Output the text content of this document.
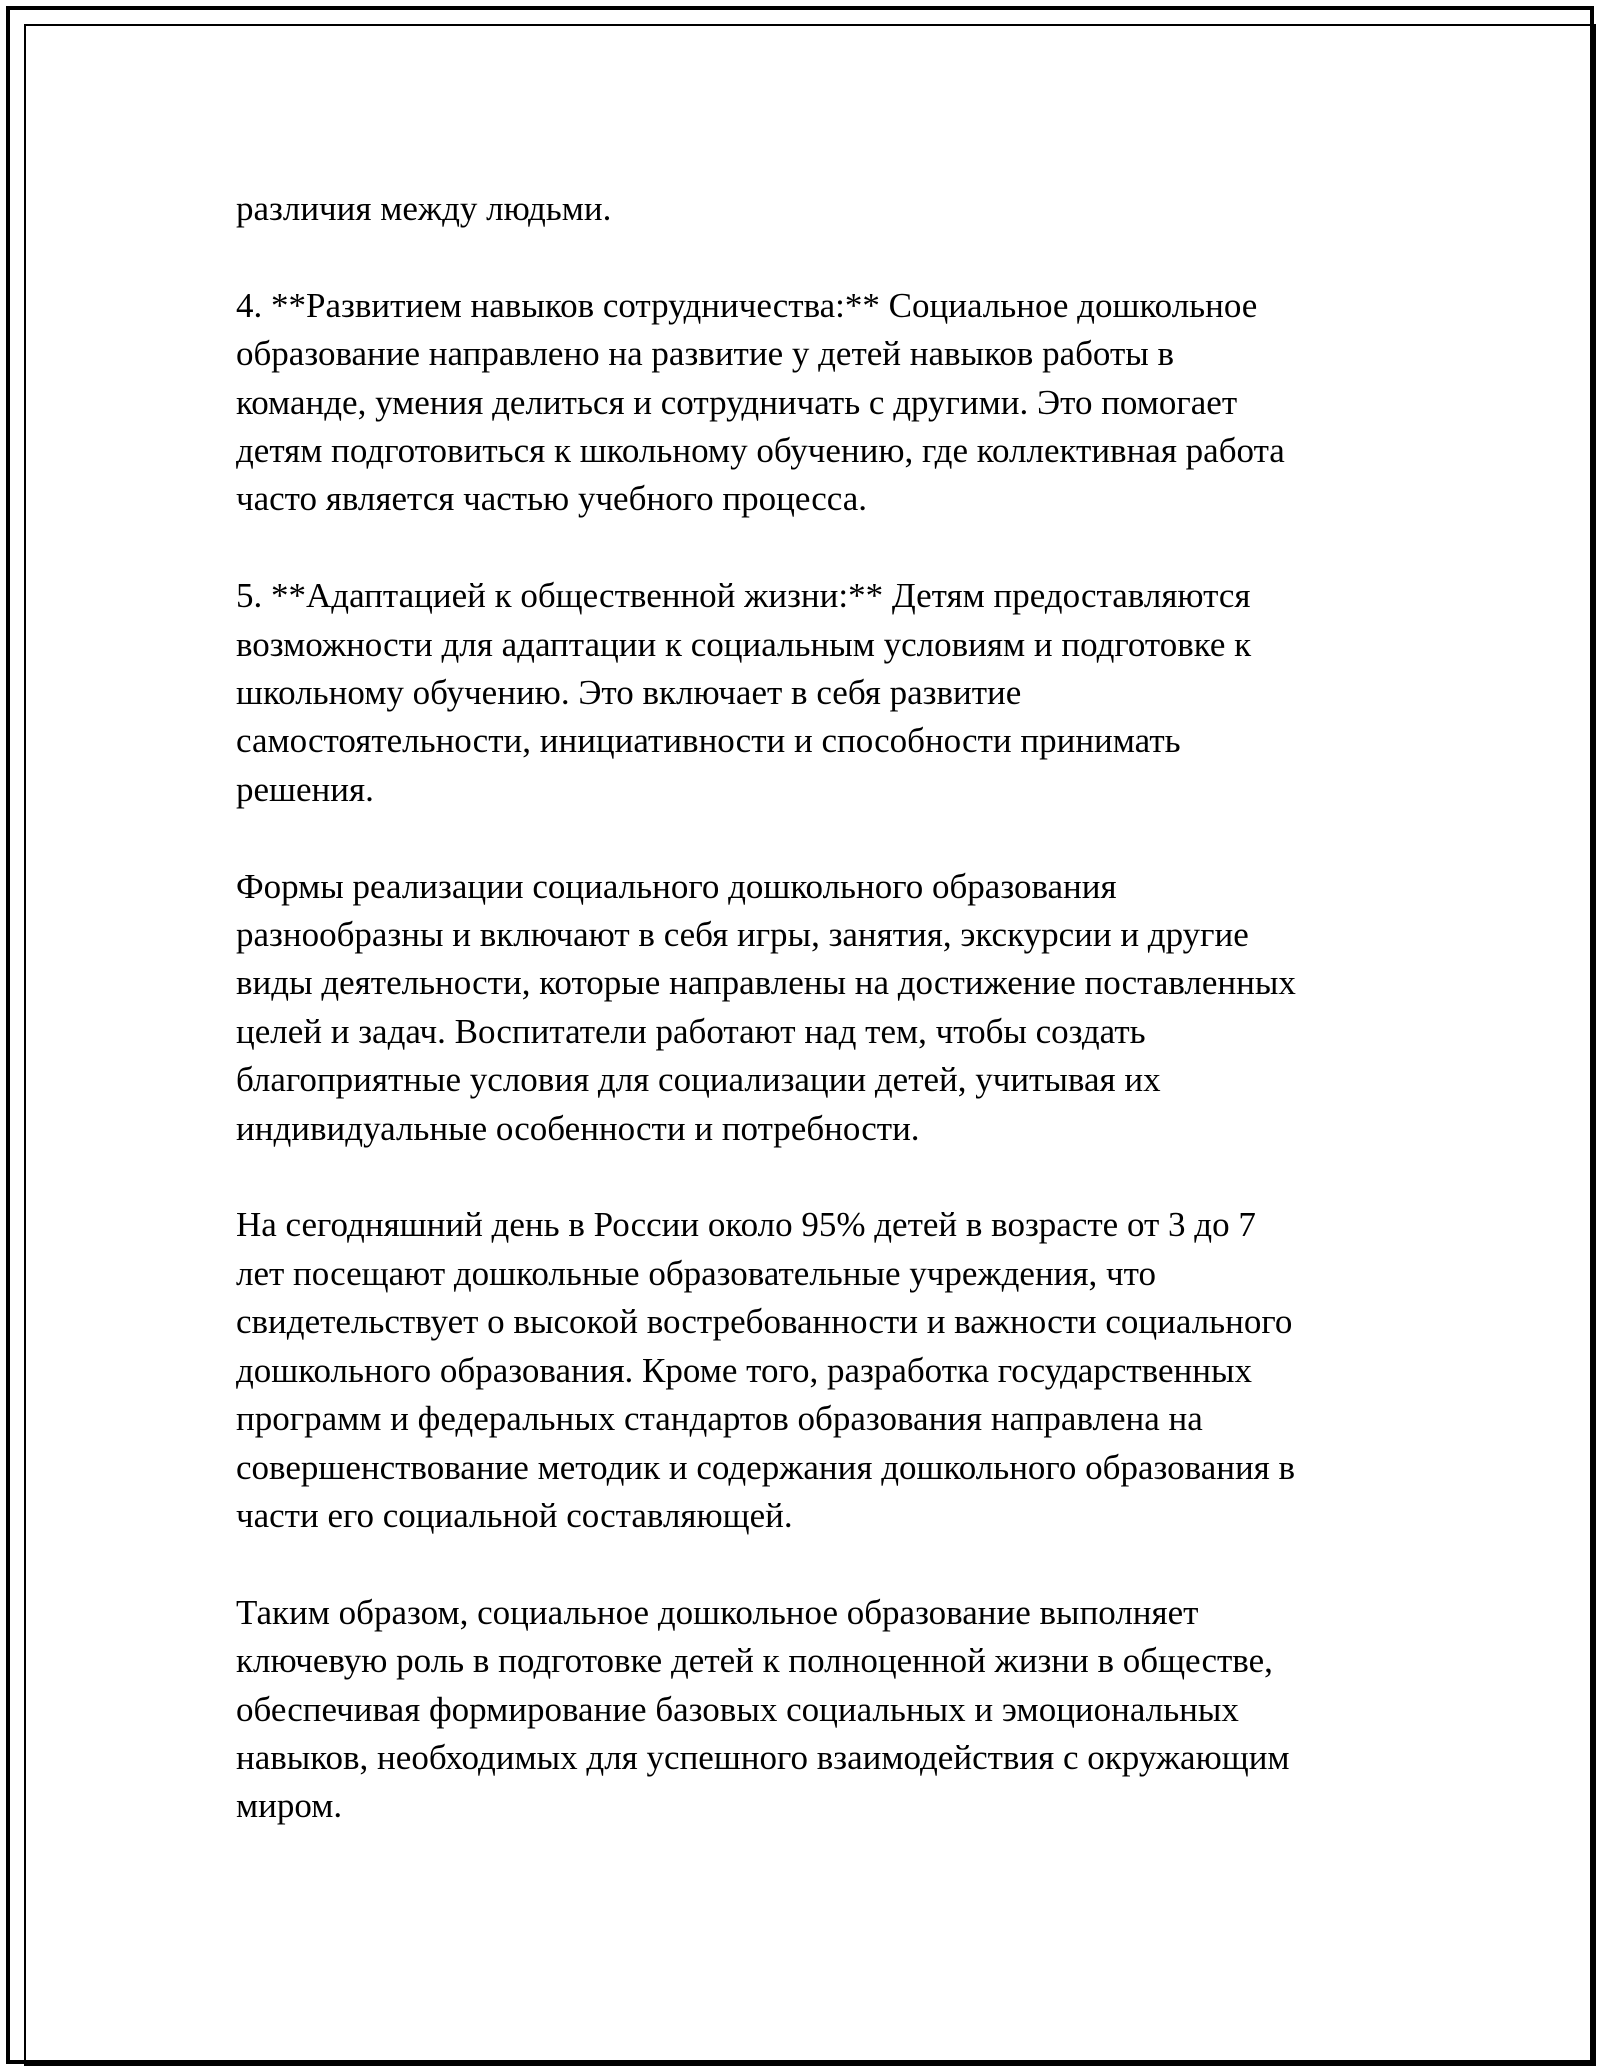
различия между людьми.

4. **Развитием навыков сотрудничества:** Социальное дошкольное
образование направлено на развитие у детей навыков работы в
команде, умения делиться и сотрудничать с другими. Это помогает
детям подготовиться к школьному обучению, где коллективная работа
часто является частью учебного процесса.

5. **Адаптацией к общественной жизни:** Детям предоставляются
возможности для адаптации к социальным условиям и подготовке к
школьному обучению. Это включает в себя развитие
самостоятельности, инициативности и способности принимать
решения.

Формы реализации социального дошкольного образования
разнообразны и включают в себя игры, занятия, экскурсии и другие
виды деятельности, которые направлены на достижение поставленных
целей и задач. Воспитатели работают над тем, чтобы создать
благоприятные условия для социализации детей, учитывая их
индивидуальные особенности и потребности.

На сегодняшний день в России около 95% детей в возрасте от 3 до 7
лет посещают дошкольные образовательные учреждения, что
свидетельствует о высокой востребованности и важности социального
дошкольного образования. Кроме того, разработка государственных
программ и федеральных стандартов образования направлена на
совершенствование методик и содержания дошкольного образования в
части его социальной составляющей.

Таким образом, социальное дошкольное образование выполняет
ключевую роль в подготовке детей к полноценной жизни в обществе,
обеспечивая формирование базовых социальных и эмоциональных
навыков, необходимых для успешного взаимодействия с окружающим
миром.
